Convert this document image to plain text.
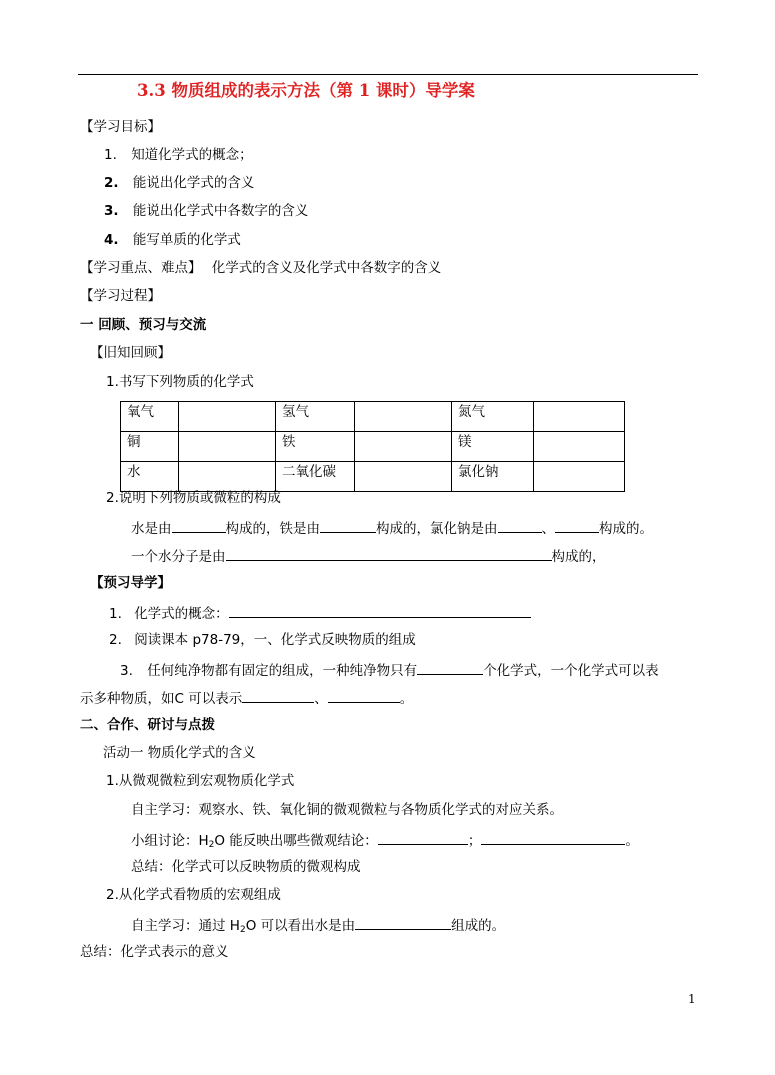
3.3 物质组成的表示方法（第 1 课时）导学案
【学习目标】
1. 知道化学式的概念；
2. 能说出化学式的含义
3. 能说出化学式中各数字的含义
4. 能写单质的化学式
【学习重点、难点】 化学式的含义及化学式中各数字的含义
【学习过程】
一 回顾、预习与交流
【旧知回顾】
1.书写下列物质的化学式
氧气		氢气		氮气	
铜		铁		镁	
水		二氧化碳		氯化钠	
2.说明下列物质或微粒的构成
水是由	构成的，铁是由	构成的，氯化钠是由	、	构成的。
一个水分子是由	构成的，
【预习导学】
1. 化学式的概念：
2. 阅读课本 p78-79，一、化学式反映物质的组成
3. 任何纯净物都有固定的组成，一种纯净物只有	个化学式，一个化学式可以表
示多种物质，如C 可以表示	、	。
二、合作、研讨与点拨
活动一 物质化学式的含义
1.从微观微粒到宏观物质化学式
自主学习：观察水、铁、氧化铜的微观微粒与各物质化学式的对应关系。
小组讨论：$H_2O$ 能反映出哪些微观结论：	；	。
总结：化学式可以反映物质的微观构成
2.从化学式看物质的宏观组成
自主学习：通过 $H_2O$ 可以看出水是由	组成的。
总结：化学式表示的意义
1
